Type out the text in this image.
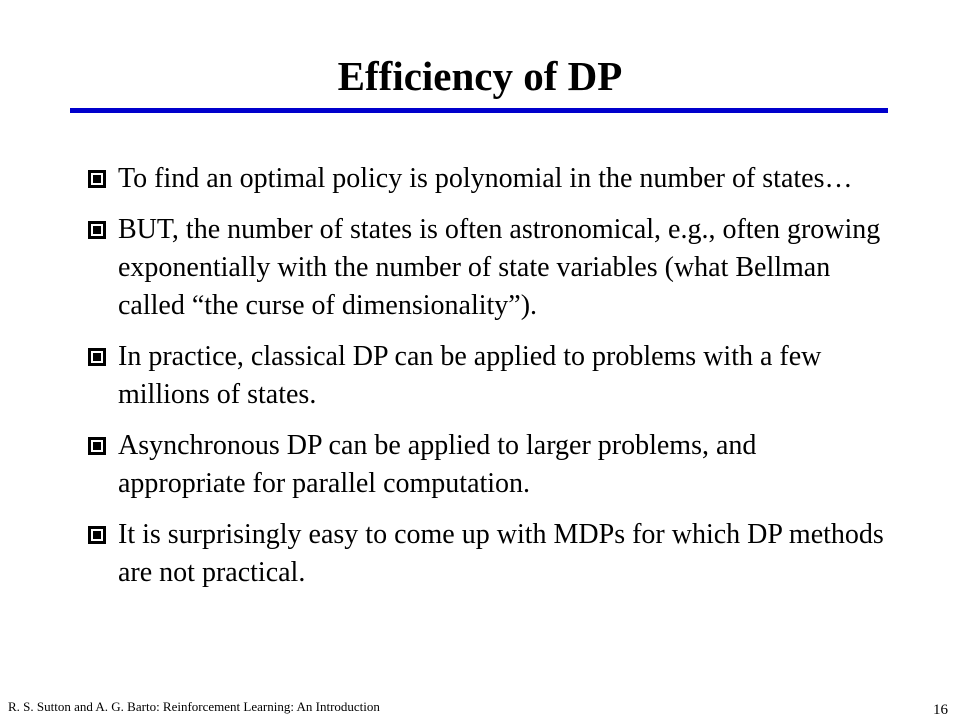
Efficiency of DP
To find an optimal policy is polynomial in the number of states…
BUT, the number of states is often astronomical, e.g., often growing exponentially with the number of state variables (what Bellman called “the curse of dimensionality”).
In practice, classical DP can be applied to problems with a few millions of states.
Asynchronous DP can be applied to larger problems, and appropriate for parallel computation.
It is surprisingly easy to come up with MDPs for which DP methods are not practical.
R. S. Sutton and A. G. Barto: Reinforcement Learning: An Introduction	16
